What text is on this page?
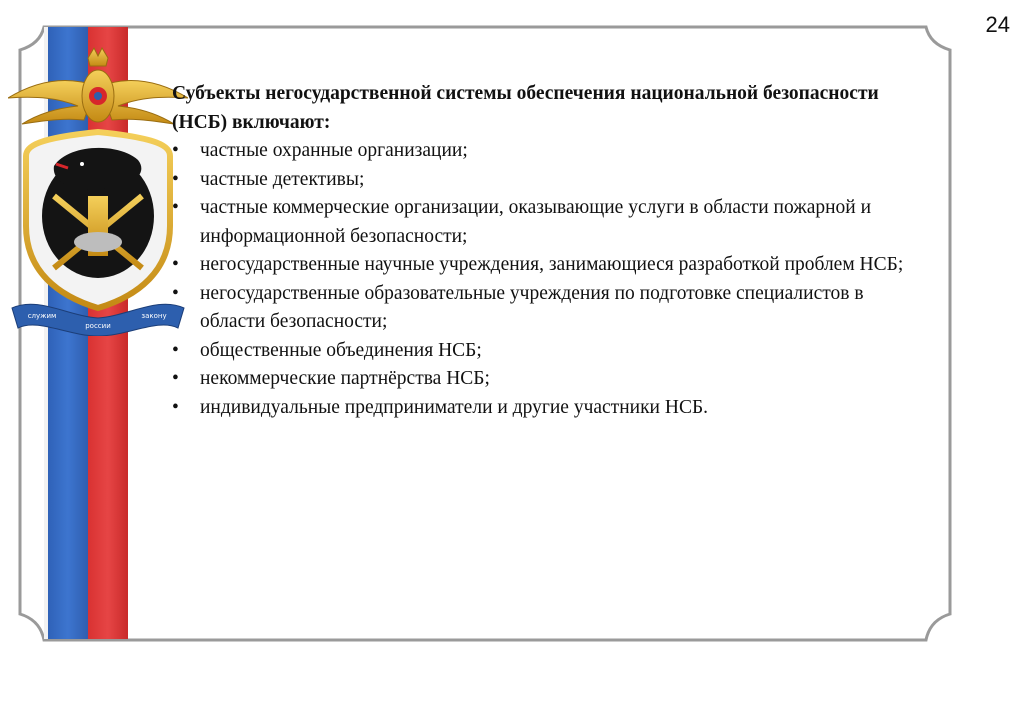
24
служим
россии
закону

Субъекты негосударственной системы обеспечения национальной безопасности (НСБ) включают:

• частные охранные организации;
• частные детективы;
• частные коммерческие организации, оказывающие услуги в области пожарной и информационной безопасности;
• негосударственные научные учреждения, занимающиеся разработкой проблем НСБ;
• негосударственные образовательные учреждения по подготовке специалистов в области безопасности;
• общественные объединения НСБ;
• некоммерческие партнёрства НСБ;
• индивидуальные предприниматели и другие участники НСБ.
